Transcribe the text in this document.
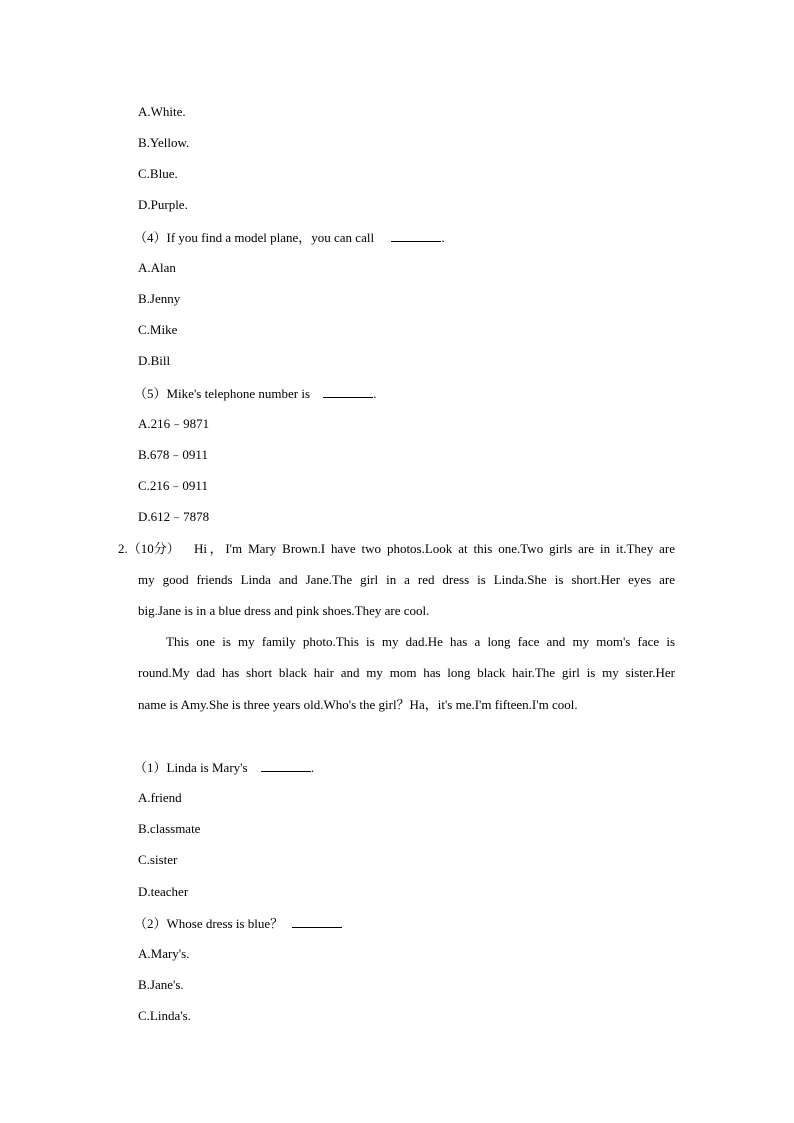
A.White.
B.Yellow.
C.Blue.
D.Purple.
（4）If you find a model plane，you can call	.
A.Alan
B.Jenny
C.Mike
D.Bill
（5）Mike's telephone number is	.
A.216﹣9871
B.678﹣0911
C.216﹣0911
D.612﹣7878
2.（10分） Hi，I'm Mary Brown.I have two photos.Look at this one.Two girls are in it.They are
my good friends Linda and Jane.The girl in a red dress is Linda.She is short.Her eyes are
big.Jane is in a blue dress and pink shoes.They are cool.
This one is my family photo.This is my dad.He has a long face and my mom's face is
round.My dad has short black hair and my mom has long black hair.The girl is my sister.Her
name is Amy.She is three years old.Who's the girl？Ha，it's me.I'm fifteen.I'm cool.
（1）Linda is Mary's	.
A.friend
B.classmate
C.sister
D.teacher
（2）Whose dress is blue？
A.Mary's.
B.Jane's.
C.Linda's.
